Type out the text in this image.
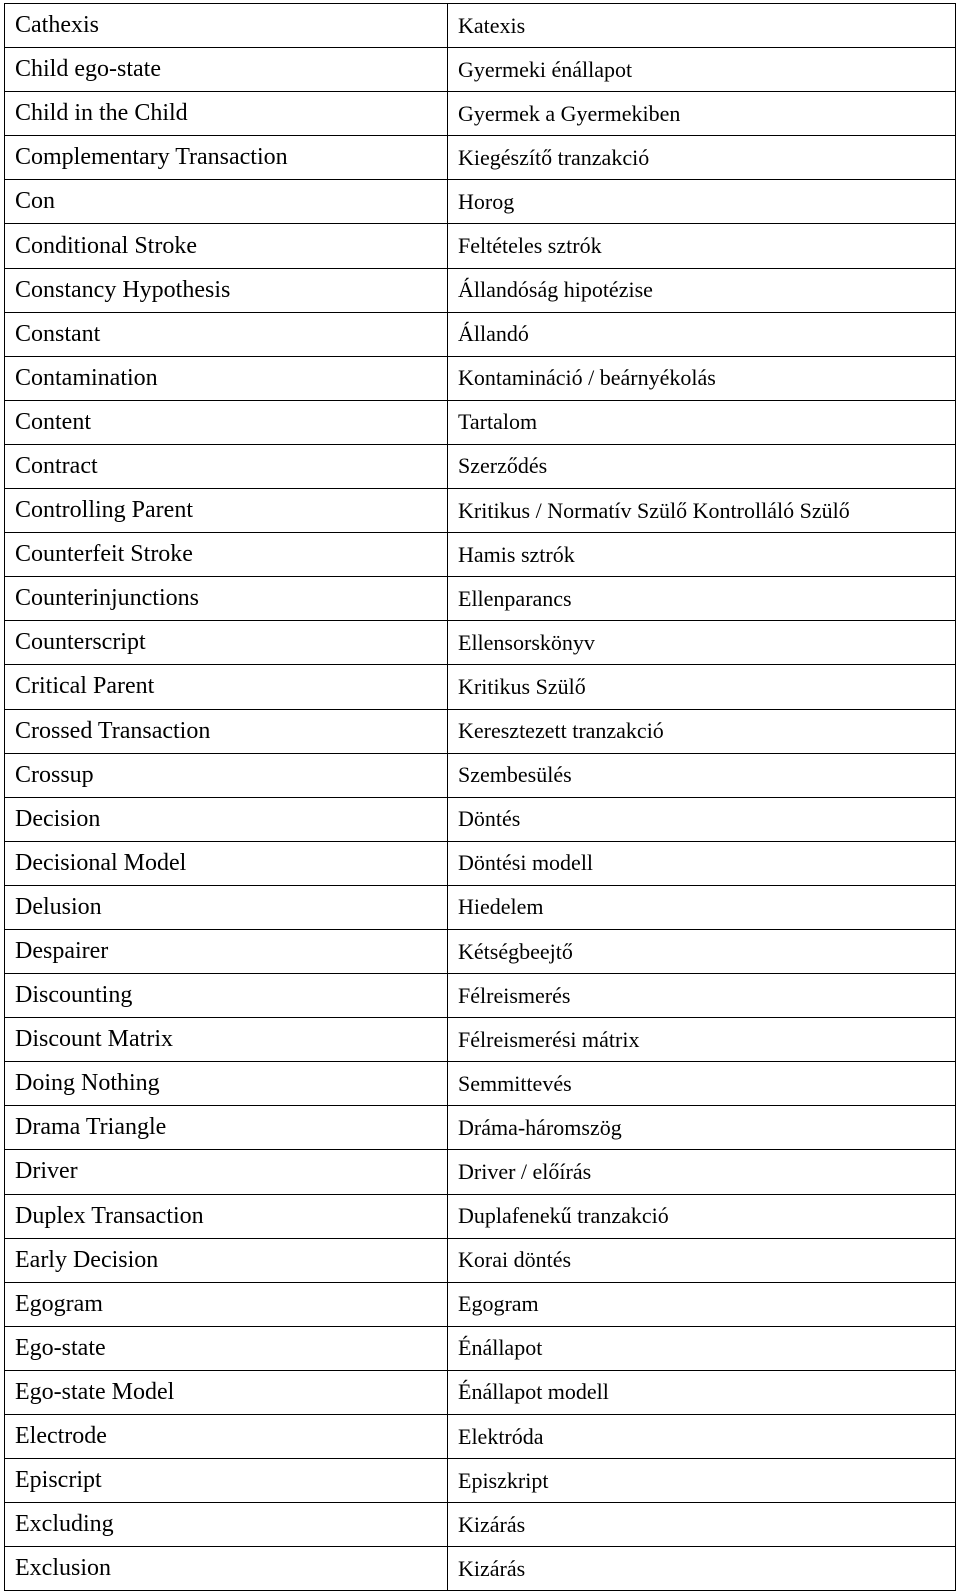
Cathexis	Katexis
Child ego-state	Gyermeki énállapot
Child in the Child	Gyermek a Gyermekiben
Complementary Transaction	Kiegészítő tranzakció
Con	Horog
Conditional Stroke	Feltételes sztrók
Constancy Hypothesis	Állandóság hipotézise
Constant	Állandó
Contamination	Kontamináció / beárnyékolás
Content	Tartalom
Contract	Szerződés
Controlling Parent	Kritikus / Normatív Szülő Kontrolláló Szülő
Counterfeit Stroke	Hamis sztrók
Counterinjunctions	Ellenparancs
Counterscript	Ellensorskönyv
Critical Parent	Kritikus Szülő
Crossed Transaction	Keresztezett tranzakció
Crossup	Szembesülés
Decision	Döntés
Decisional Model	Döntési modell
Delusion	Hiedelem
Despairer	Kétségbeejtő
Discounting	Félreismerés
Discount Matrix	Félreismerési mátrix
Doing Nothing	Semmittevés
Drama Triangle	Dráma-háromszög
Driver	Driver / előírás
Duplex Transaction	Duplafenekű tranzakció
Early Decision	Korai döntés
Egogram	Egogram
Ego-state	Énállapot
Ego-state Model	Énállapot modell
Electrode	Elektróda
Episcript	Episzkript
Excluding	Kizárás
Exclusion	Kizárás
